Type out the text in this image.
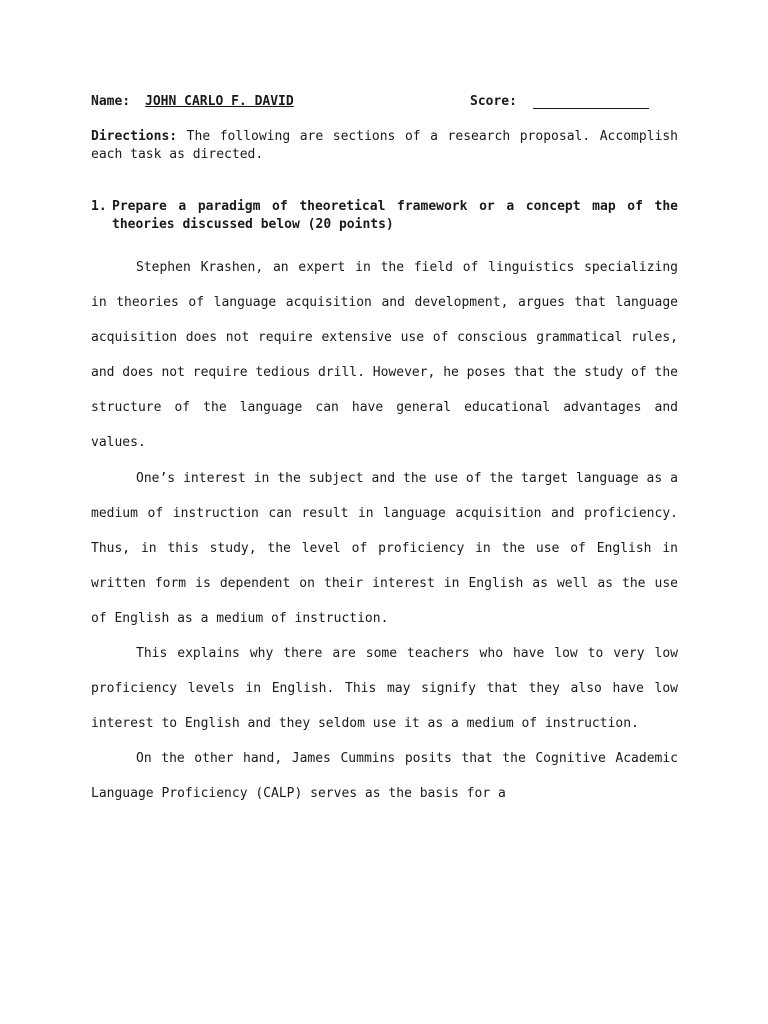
Name: JOHN CARLO F. DAVID	Score:
Directions: The following are sections of a research proposal. Accomplish each task as directed.
1. Prepare a paradigm of theoretical framework or a concept map of the theories discussed below (20 points)

Stephen Krashen, an expert in the field of linguistics specializing in theories of language acquisition and development, argues that language acquisition does not require extensive use of conscious grammatical rules, and does not require tedious drill. However, he poses that the study of the structure of the language can have general educational advantages and values.

One’s interest in the subject and the use of the target language as a medium of instruction can result in language acquisition and proficiency. Thus, in this study, the level of proficiency in the use of English in written form is dependent on their interest in English as well as the use of English as a medium of instruction.

This explains why there are some teachers who have low to very low proficiency levels in English. This may signify that they also have low interest to English and they seldom use it as a medium of instruction.

On the other hand, James Cummins posits that the Cognitive Academic Language Proficiency (CALP) serves as the basis for a
